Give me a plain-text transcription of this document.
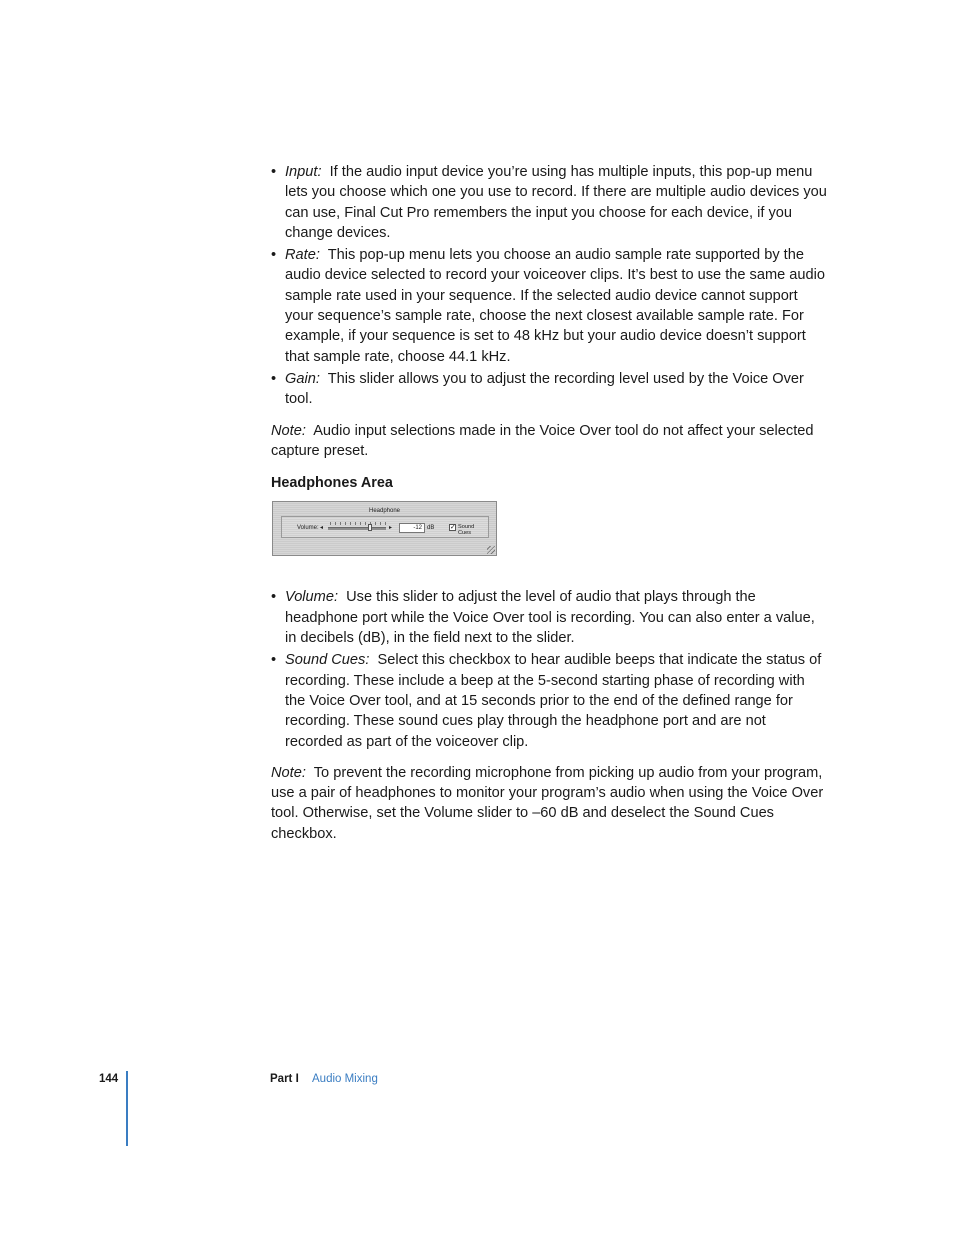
• Input: If the audio input device you’re using has multiple inputs, this pop-up menu lets you choose which one you use to record. If there are multiple audio devices you can use, Final Cut Pro remembers the input you choose for each device, if you change devices.
• Rate: This pop-up menu lets you choose an audio sample rate supported by the audio device selected to record your voiceover clips. It’s best to use the same audio sample rate used in your sequence. If the selected audio device cannot support your sequence’s sample rate, choose the next closest available sample rate. For example, if your sequence is set to 48 kHz but your audio device doesn’t support that sample rate, choose 44.1 kHz.
• Gain: This slider allows you to adjust the recording level used by the Voice Over tool.

Note: Audio input selections made in the Voice Over tool do not affect your selected capture preset.

Headphones Area

• Volume: Use this slider to adjust the level of audio that plays through the headphone port while the Voice Over tool is recording. You can also enter a value, in decibels (dB), in the field next to the slider.
• Sound Cues: Select this checkbox to hear audible beeps that indicate the status of recording. These include a beep at the 5-second starting phase of recording with the Voice Over tool, and at 15 seconds prior to the end of the defined range for recording. These sound cues play through the headphone port and are not recorded as part of the voiceover clip.

Note: To prevent the recording microphone from picking up audio from your program, use a pair of headphones to monitor your program’s audio when using the Voice Over tool. Otherwise, set the Volume slider to –60 dB and deselect the Sound Cues checkbox.

Headphone
Volume: ◂	▸	-12 dB ✓ Sound Cues
144	Part I Audio Mixing
